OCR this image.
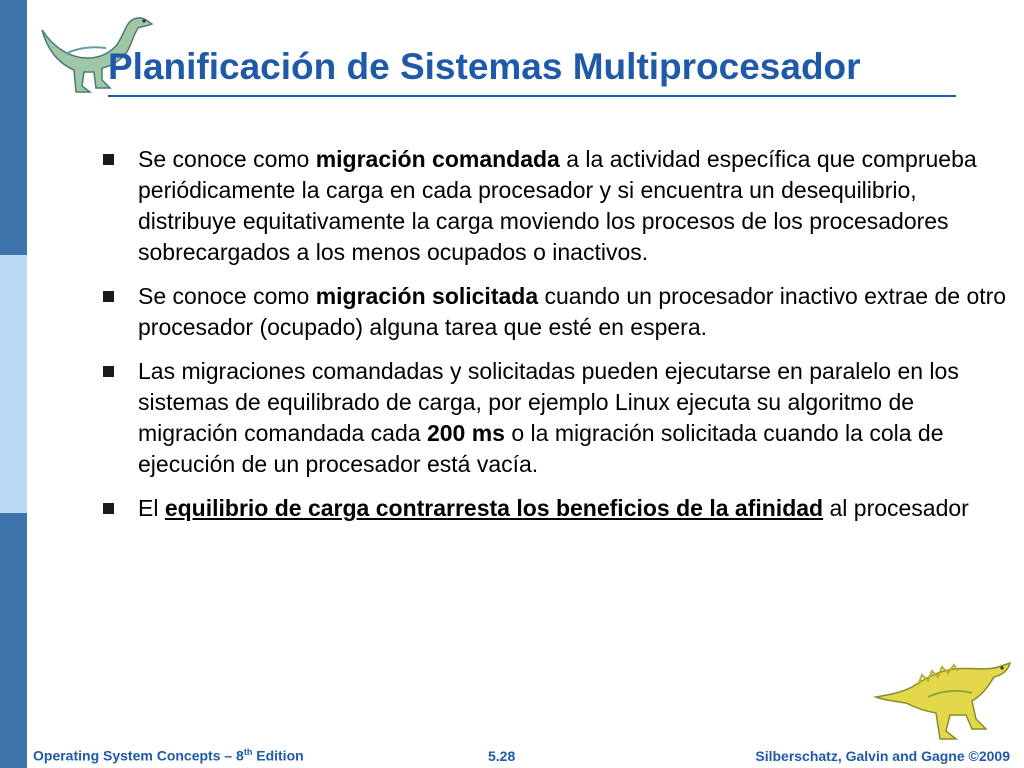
Planificación de Sistemas Multiprocesador
Se conoce como migración comandada a la actividad específica que comprueba periódicamente la carga en cada procesador y si encuentra un desequilibrio, distribuye equitativamente la carga moviendo los procesos de los procesadores sobrecargados a los menos ocupados o inactivos.
Se conoce como migración solicitada cuando un procesador inactivo extrae de otro procesador (ocupado) alguna tarea que esté en espera.
Las migraciones comandadas y solicitadas pueden ejecutarse en paralelo en los sistemas de equilibrado de carga, por ejemplo Linux ejecuta su algoritmo de migración comandada cada 200 ms o la migración solicitada cuando la cola de ejecución de un procesador está vacía.
El equilibrio de carga contrarresta los beneficios de la afinidad al procesador
Operating System Concepts – 8th Edition	5.28	Silberschatz, Galvin and Gagne ©2009
